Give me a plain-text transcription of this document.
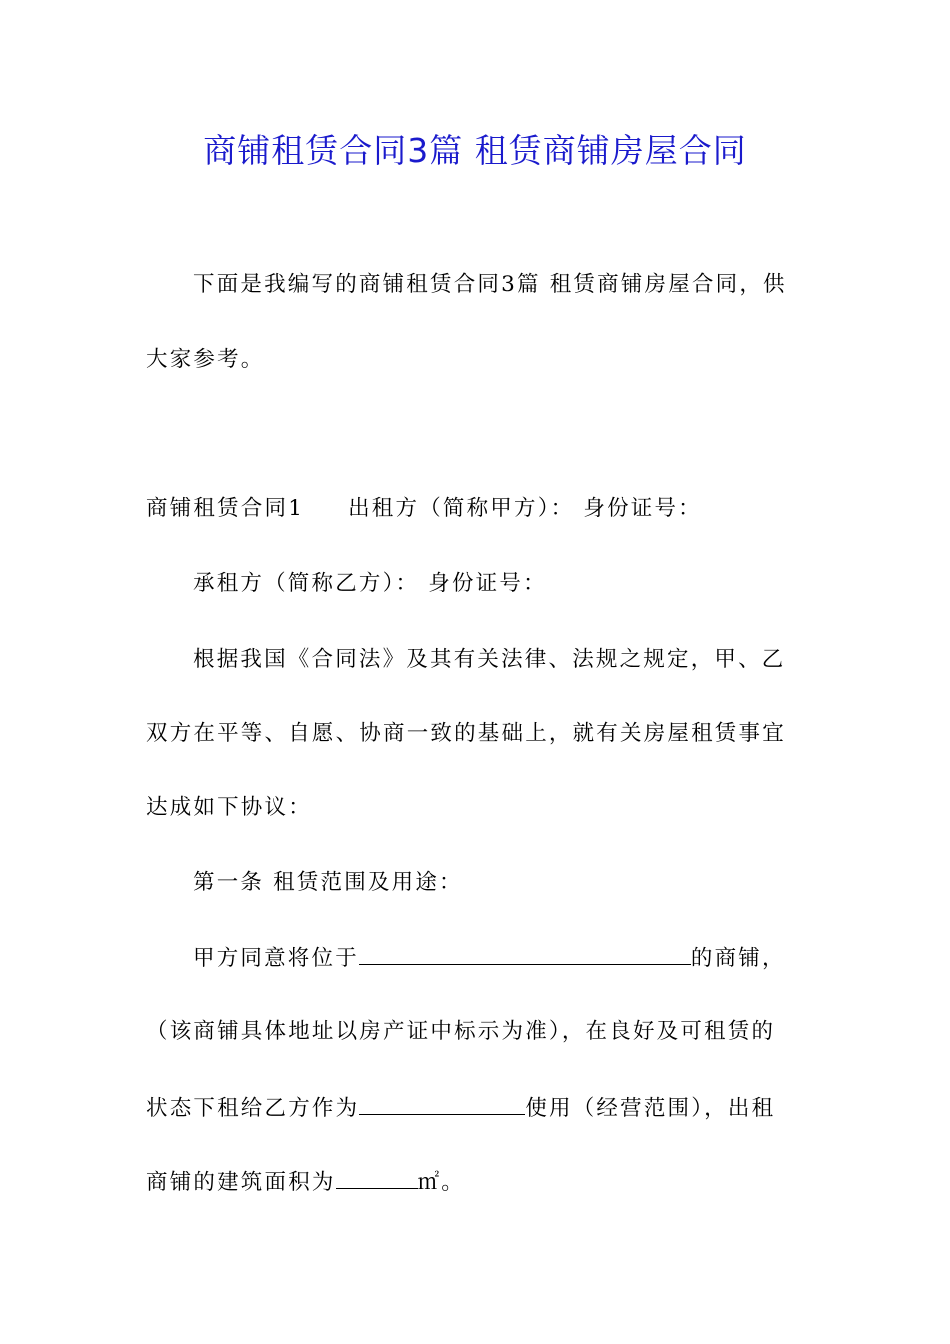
商铺租赁合同3篇 租赁商铺房屋合同
下面是我编写的商铺租赁合同3篇 租赁商铺房屋合同，供
大家参考。
商铺租赁合同1 出租方（简称甲方）： 身份证号：
承租方（简称乙方）： 身份证号：
根据我国《合同法》及其有关法律、法规之规定，甲、乙
双方在平等、自愿、协商一致的基础上，就有关房屋租赁事宜
达成如下协议：
第一条 租赁范围及用途：
甲方同意将位于	的商铺，
（该商铺具体地址以房产证中标示为准），在良好及可租赁的
状态下租给乙方作为	使用（经营范围），出租
商铺的建筑面积为	㎡。
